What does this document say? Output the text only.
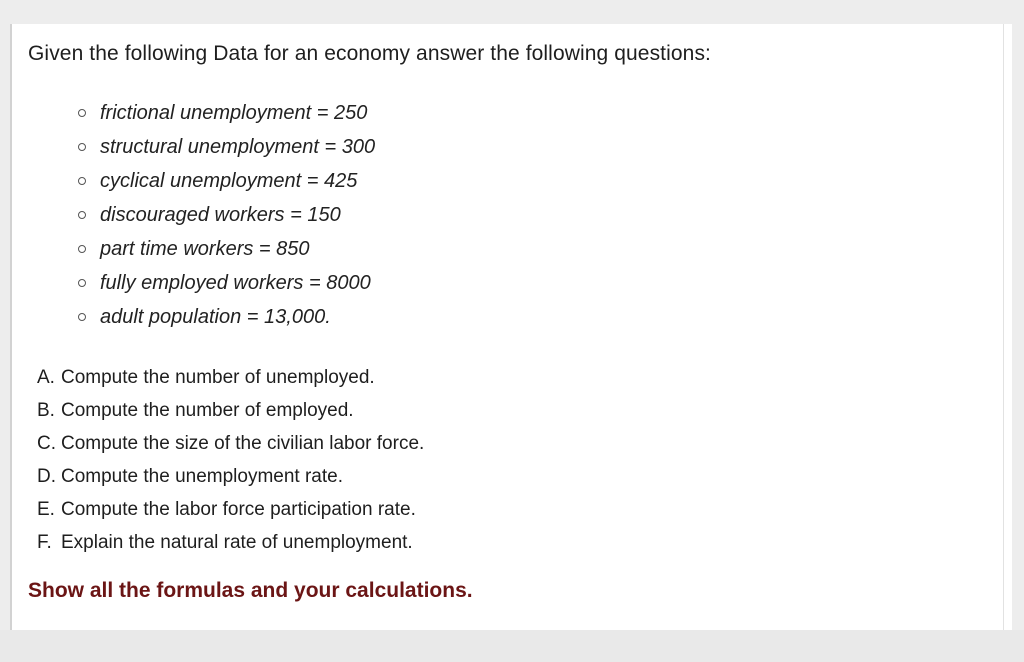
Given the following Data for an economy answer the following questions:
frictional unemployment = 250
structural unemployment = 300
cyclical unemployment = 425
discouraged workers = 150
part time workers = 850
fully employed workers = 8000
adult population = 13,000.
A. Compute the number of unemployed.
B. Compute the number of employed.
C. Compute the size of the civilian labor force.
D. Compute the unemployment rate.
E. Compute the labor force participation rate.
F. Explain the natural rate of unemployment.
Show all the formulas and your calculations.
